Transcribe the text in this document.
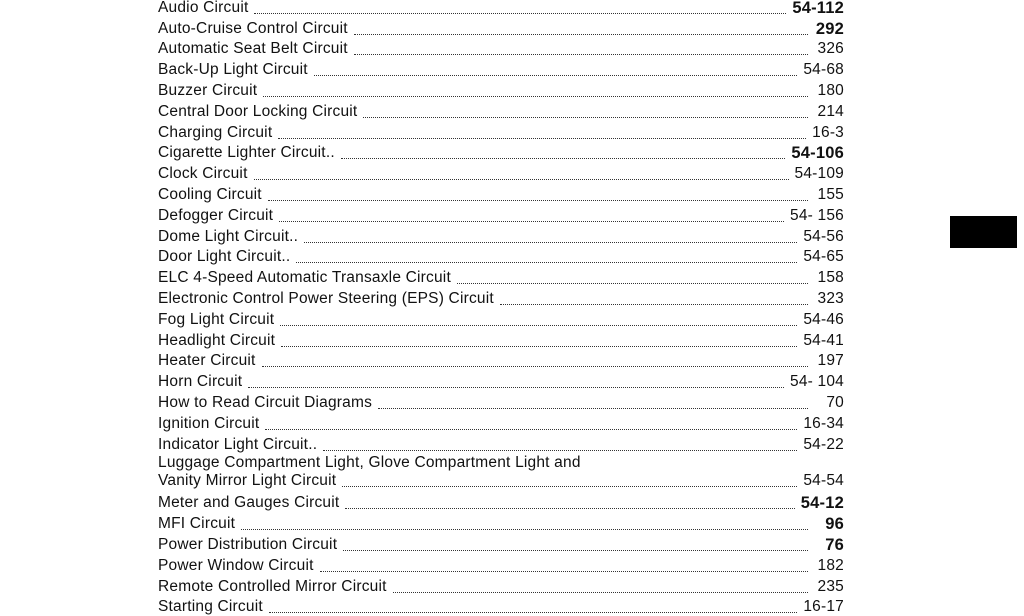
Audio Circuit	54-112
Auto-Cruise Control Circuit	292
Automatic Seat Belt Circuit	326
Back-Up Light Circuit	54-68
Buzzer Circuit	180
Central Door Locking Circuit	214
Charging Circuit	16-3
Cigarette Lighter Circuit..	54-106
Clock Circuit	54-109
Cooling Circuit	155
Defogger Circuit	54- 156
Dome Light Circuit..	54-56
Door Light Circuit..	54-65
ELC 4-Speed Automatic Transaxle Circuit	158
Electronic Control Power Steering (EPS) Circuit	323
Fog Light Circuit	54-46
Headlight Circuit	54-41
Heater Circuit	197
Horn Circuit	54- 104
How to Read Circuit Diagrams	70
Ignition Circuit	16-34
Indicator Light Circuit..	54-22
Luggage Compartment Light, Glove Compartment Light and
Vanity Mirror Light Circuit	54-54
Meter and Gauges Circuit	54-12
MFI Circuit	96
Power Distribution Circuit	76
Power Window Circuit	182
Remote Controlled Mirror Circuit	235
Starting Circuit	16-17
